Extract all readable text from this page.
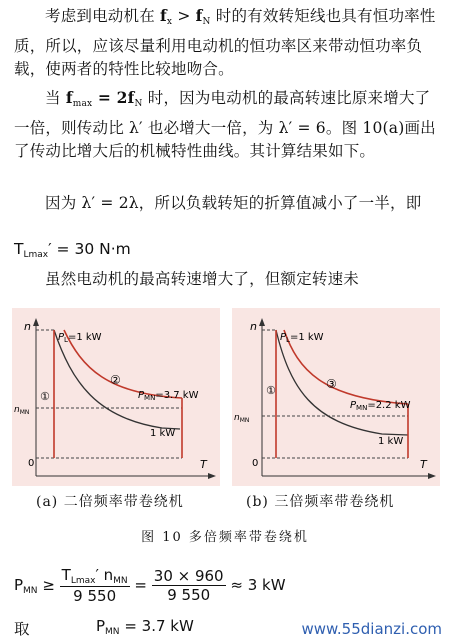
考虑到电动机在 $f_x > f_N$ 时的有效转矩线也具有恒功率性质，所以，应该尽量利用电动机的恒功率区来带动恒功率负载，使两者的特性比较地吻合。
当 $f_{max} = 2f_N$ 时，因为电动机的最高转速比原来增大了一倍，则传动比 λ′ 也必增大一倍，为 λ′ = 6。图 10(a)画出了传动比增大后的机械特性曲线。其计算结果如下。
因为 λ′ = 2λ，所以负载转矩的折算值减小了一半，即
$T_{Lmax}' = 30$ N·m
虽然电动机的最高转速增大了，但额定转速未
n
T
0
$P_L=1$ kW
②
$P_{MN}=3.7$ kW
①
$n_{MN}$
1 kW
n
T
0
$P_L=1$ kW
③
$P_{MN}=2.2$ kW
①
$n_{MN}$
1 kW
(a) 二倍频率带卷绕机	(b) 三倍频率带卷绕机
图 10 多倍频率带卷绕机
$P_{MN} \ge \frac{T_{Lmax}' n_{MN}}{9 550} = \frac{30 \times 960}{9 550} \approx 3$ kW
取	$P_{MN} = 3.7$ kW	www.55dianzi.com
